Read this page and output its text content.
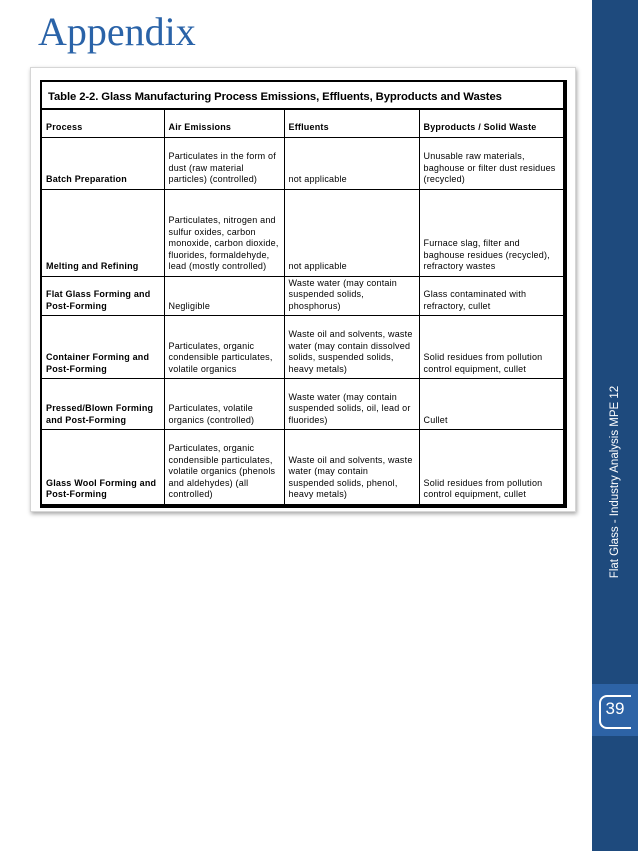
Appendix
Flat Glass - Industry Analysis MPE 12
39
Table 2-2. Glass Manufacturing Process Emissions, Effluents, Byproducts and Wastes
Process	Air Emissions	Effluents	Byproducts / Solid Waste
Batch Preparation	Particulates in the form of dust (raw material particles) (controlled)	not applicable	Unusable raw materials, baghouse or filter dust residues (recycled)
Melting and Refining	Particulates, nitrogen and sulfur oxides, carbon monoxide, carbon dioxide, fluorides, formaldehyde, lead (mostly controlled)	not applicable	Furnace slag, filter and baghouse residues (recycled), refractory wastes
Flat Glass Forming and Post-Forming	Negligible	Waste water (may contain suspended solids, phosphorus)	Glass contaminated with refractory, cullet
Container Forming and Post-Forming	Particulates, organic condensible particulates, volatile organics	Waste oil and solvents, waste water (may contain dissolved solids, suspended solids, heavy metals)	Solid residues from pollution control equipment, cullet
Pressed/Blown Forming and Post-Forming	Particulates, volatile organics (controlled)	Waste water (may contain suspended solids, oil, lead or fluorides)	Cullet
Glass Wool Forming and Post-Forming	Particulates, organic condensible particulates, volatile organics (phenols and aldehydes) (all controlled)	Waste oil and solvents, waste water (may contain suspended solids, phenol, heavy metals)	Solid residues from pollution control equipment, cullet
